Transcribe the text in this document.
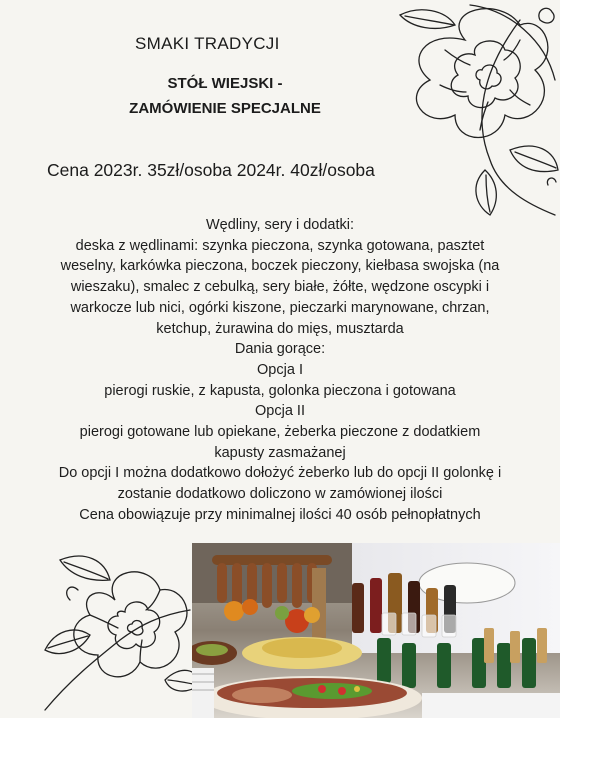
SMAKI TRADYCJI
STÓŁ WIEJSKI -
ZAMÓWIENIE SPECJALNE
Cena 2023r. 35zł/osoba 2024r. 40zł/osoba
Wędliny, sery i dodatki:
deska z wędlinami: szynka pieczona, szynka gotowana, pasztet
weselny, karkówka pieczona, boczek pieczony, kiełbasa swojska (na
wieszaku), smalec z cebulką, sery białe, żółte, wędzone oscypki i
warkocze lub nici, ogórki kiszone, pieczarki marynowane, chrzan,
ketchup, żurawina do mięs, musztarda
Dania gorące:
Opcja I
pierogi ruskie, z kapusta, golonka pieczona i gotowana
Opcja II
pierogi gotowane lub opiekane, żeberka pieczone z dodatkiem
kapusty zasmażanej
Do opcji I można dodatkowo dołożyć żeberko lub do opcji II golonkę i
zostanie dodatkowo doliczono w zamówionej ilości
Cena obowiązuje przy minimalnej ilości 40 osób pełnopłatnych
